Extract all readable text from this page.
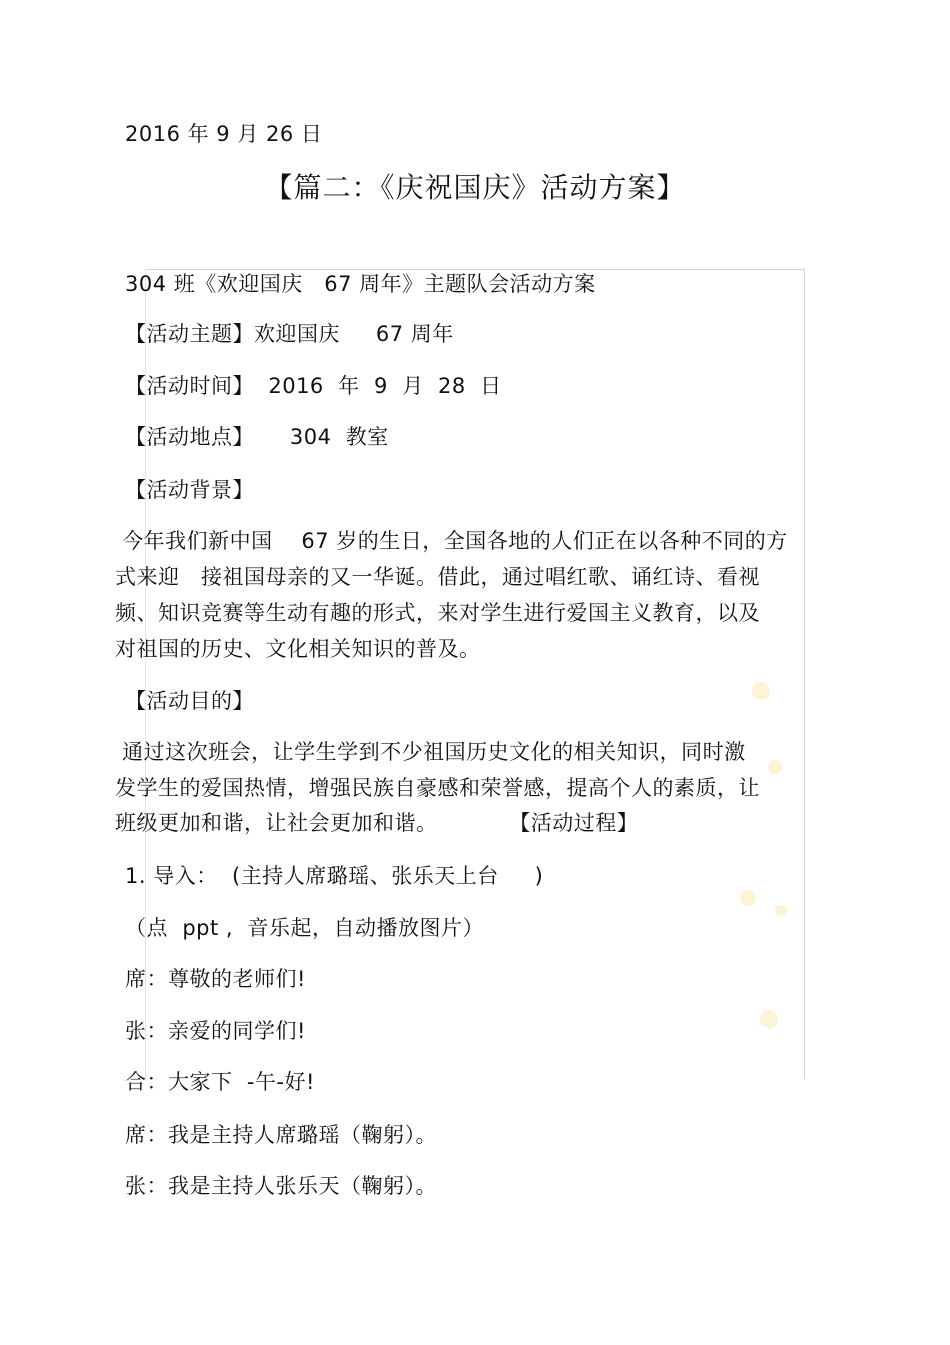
2016 年 9 月 26 日
【篇二：《庆祝国庆》活动方案】
304 班《欢迎国庆   67 周年》主题队会活动方案
【活动主题】欢迎国庆     67 周年
【活动时间】  2016  年  9  月  28  日
【活动地点】     304  教室
【活动背景】
今年我们新中国    67 岁的生日，全国各地的人们正在以各种不同的方
式来迎   接祖国母亲的又一华诞。借此，通过唱红歌、诵红诗、看视
频、知识竞赛等生动有趣的形式，来对学生进行爱国主义教育，以及
对祖国的历史、文化相关知识的普及。
【活动目的】
通过这次班会，让学生学到不少祖国历史文化的相关知识，同时激
发学生的爱国热情，增强民族自豪感和荣誉感，提高个人的素质，让
班级更加和谐，让社会更加和谐。          【活动过程】
1. 导入：  (主持人席璐瑶、张乐天上台     )
（点  ppt ,  音乐起，自动播放图片）
席：尊敬的老师们!
张：亲爱的同学们!
合：大家下  -午-好!
席：我是主持人席璐瑶（鞠躬）。
张：我是主持人张乐天（鞠躬）。
